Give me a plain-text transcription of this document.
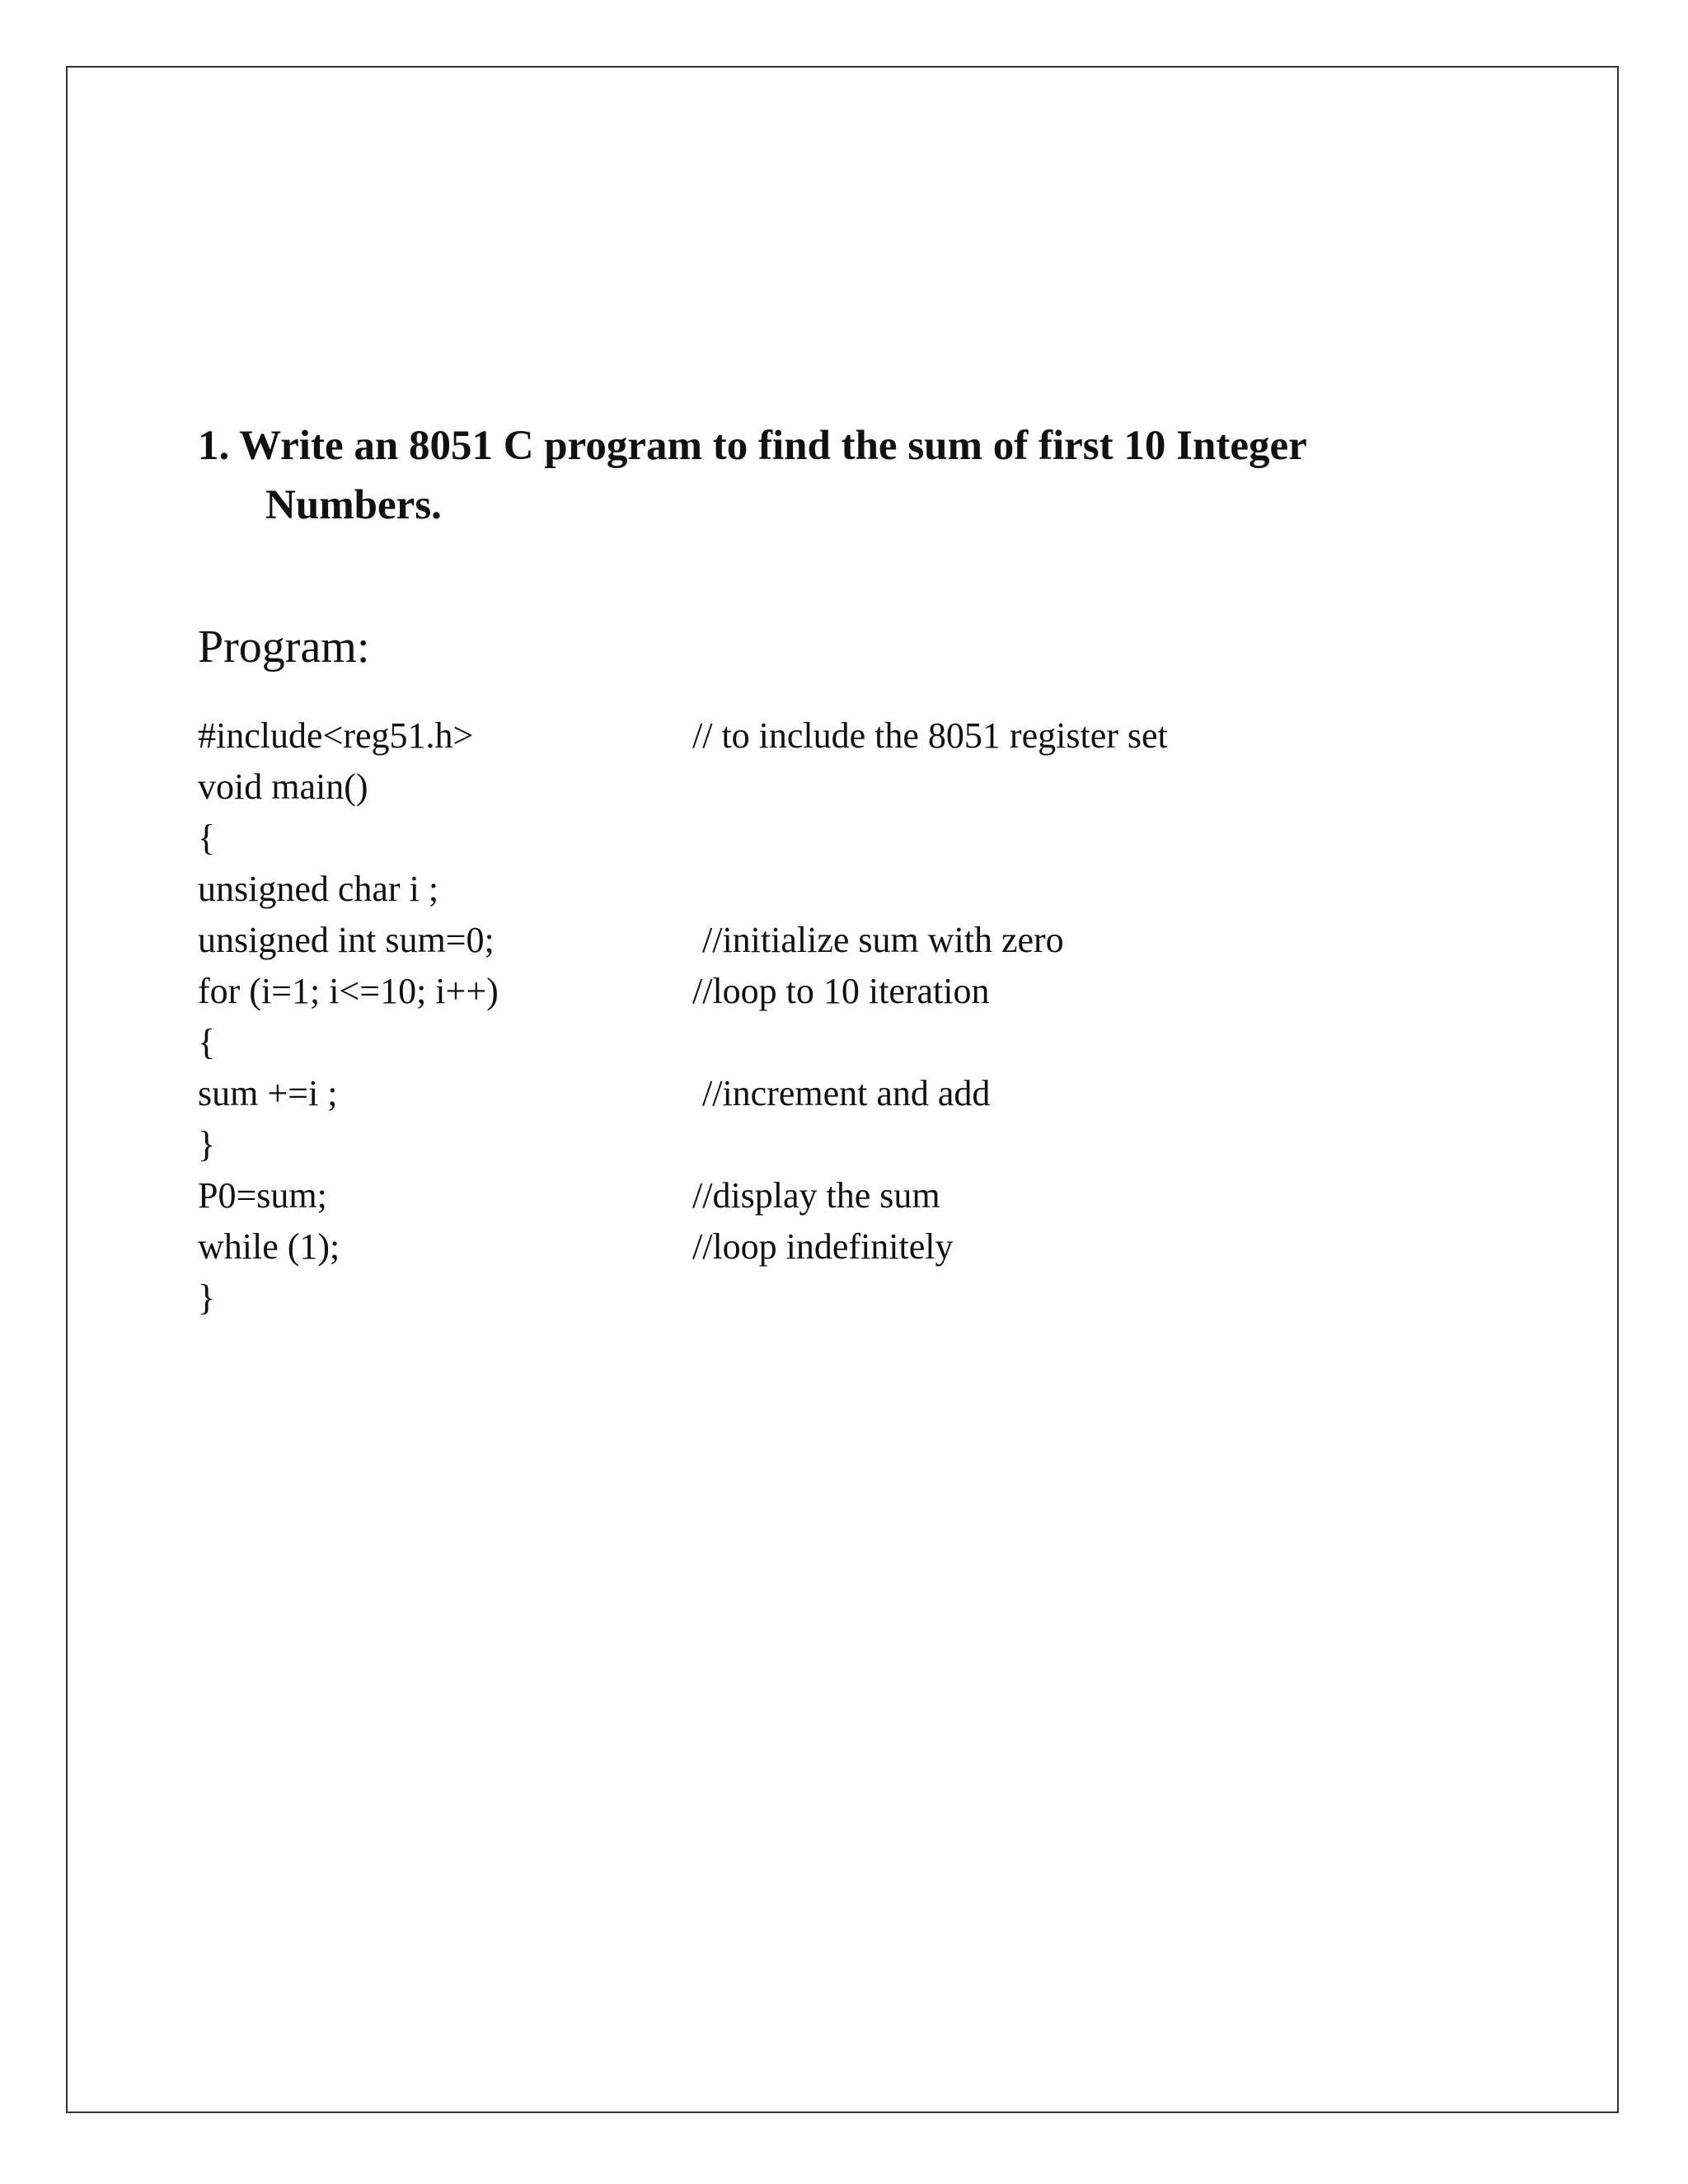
1. Write an 8051 C program to find the sum of first 10 Integer
Numbers.
Program:

#include<reg51.h>

	// to include the 8051 register set

void main()

{

unsigned char i ;

unsigned int sum=0;

	//initialize sum with zero

for (i=1; i<=10; i++)

	//loop to 10 iteration

{

sum +=i ;

	//increment and add

}

P0=sum;

	//display the sum

while (1);

	//loop indefinitely

}
